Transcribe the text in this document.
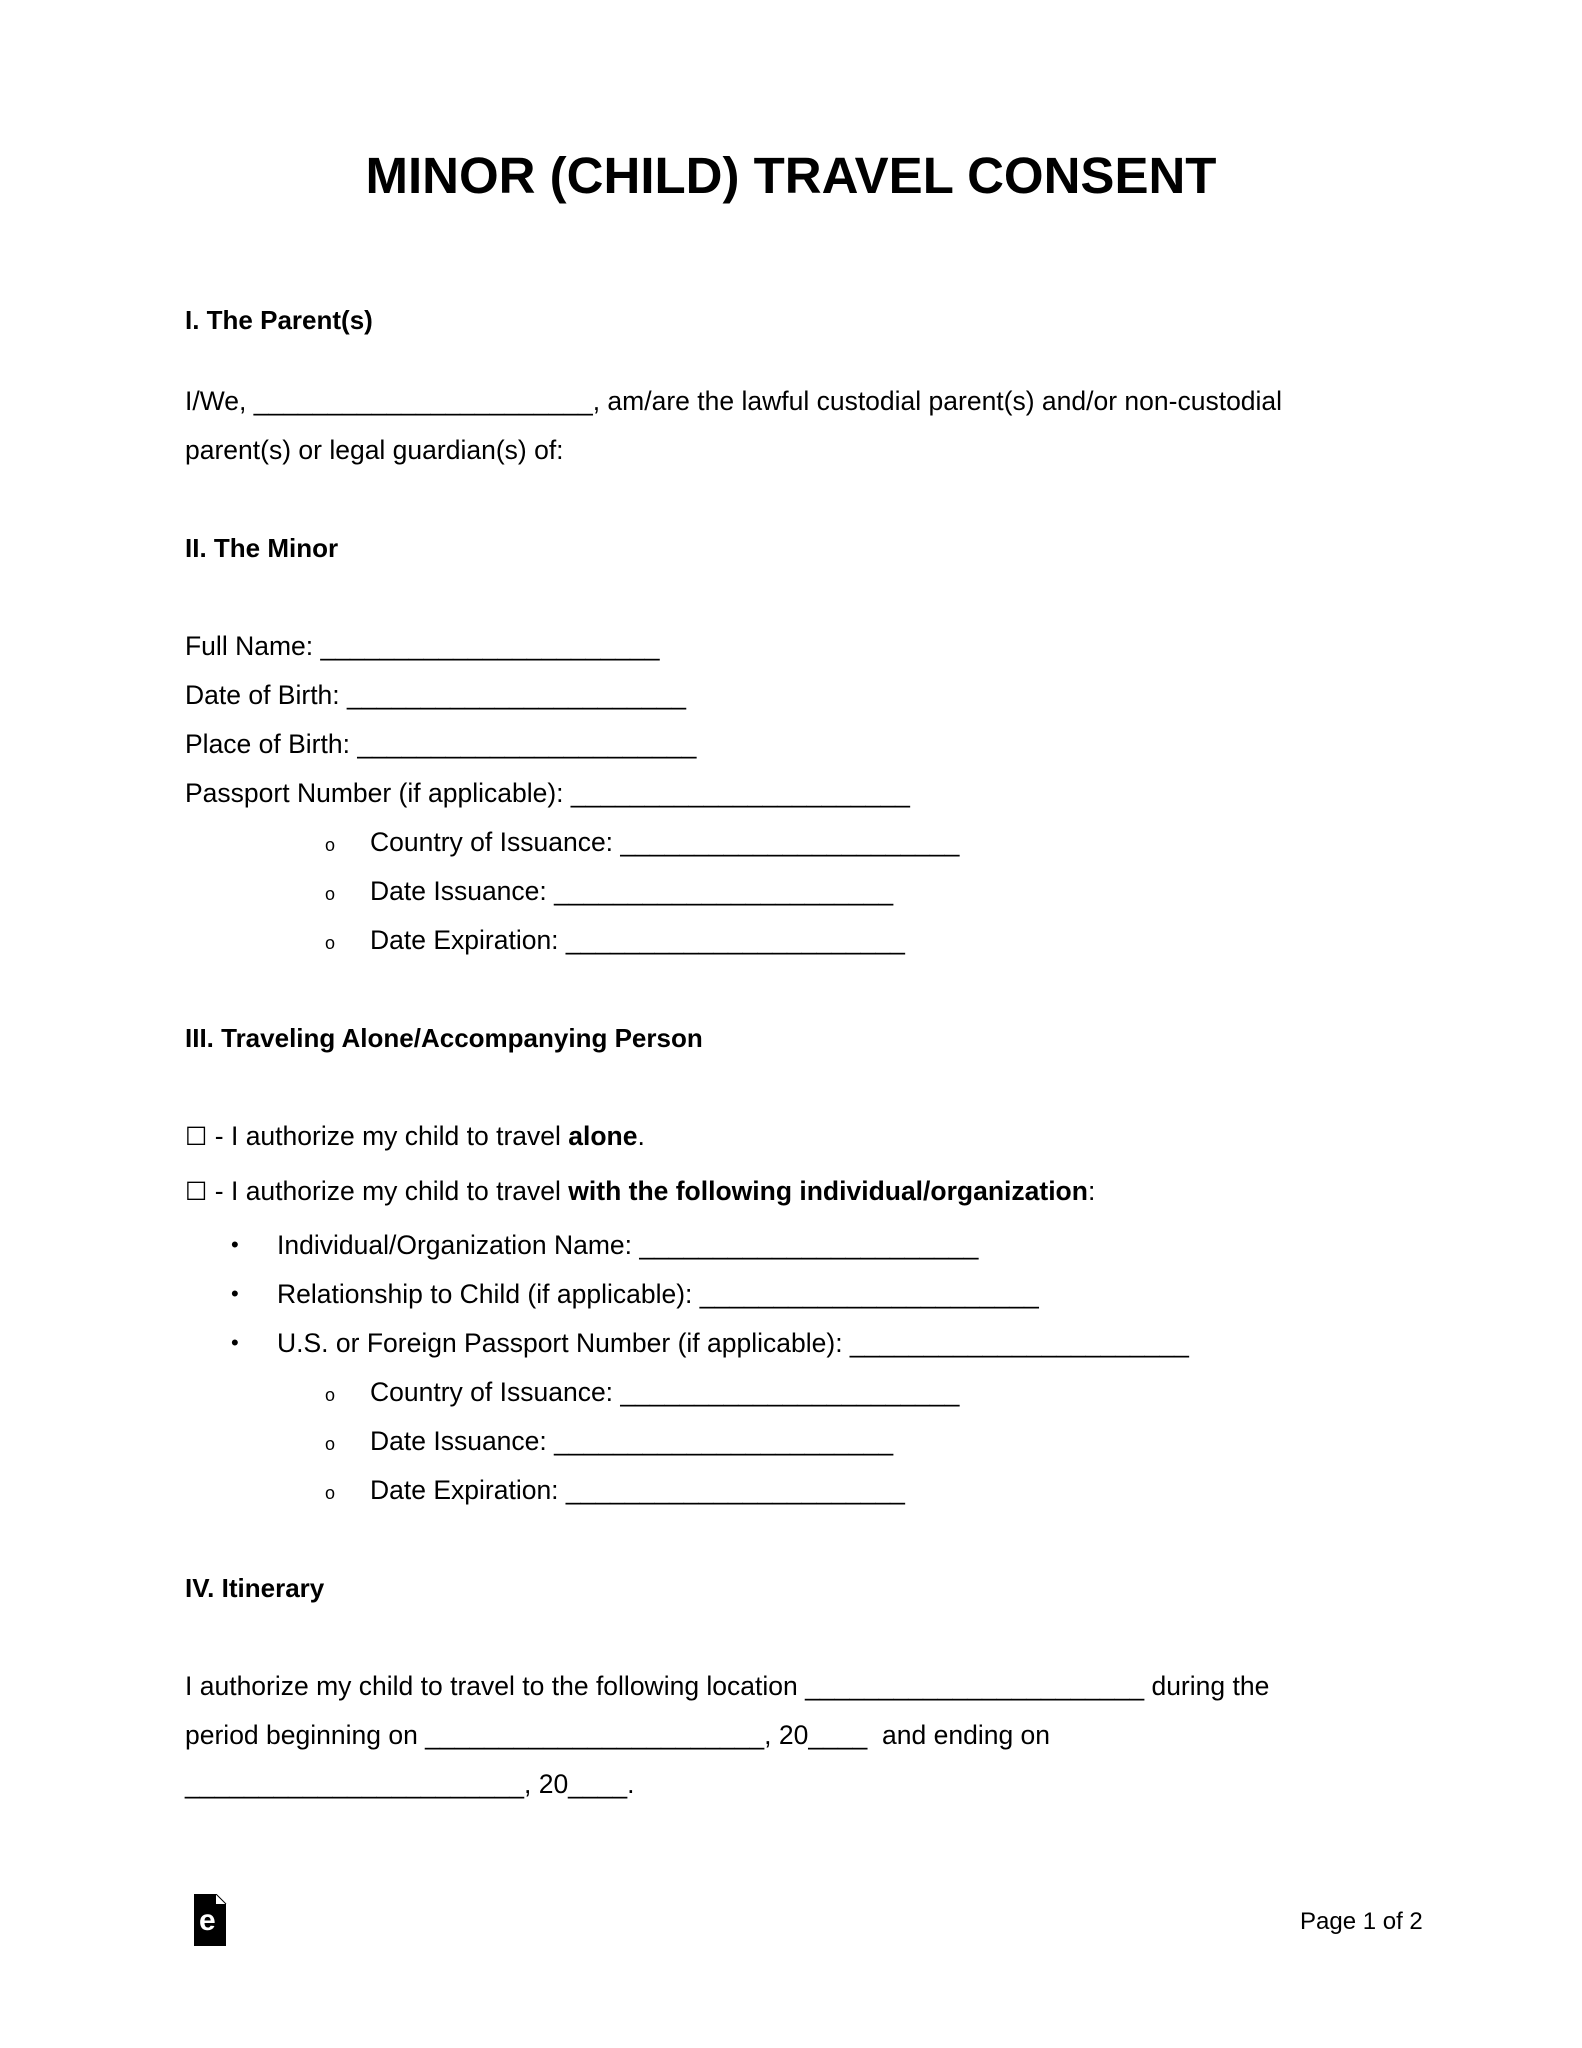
MINOR (CHILD) TRAVEL CONSENT
I. The Parent(s)
I/We, _______________________, am/are the lawful custodial parent(s) and/or non-custodial
parent(s) or legal guardian(s) of:
II. The Minor
Full Name: _______________________
Date of Birth: _______________________
Place of Birth: _______________________
Passport Number (if applicable): _______________________
o Country of Issuance: _______________________
o Date Issuance: _______________________
o Date Expiration: _______________________
III. Traveling Alone/Accompanying Person
☐ - I authorize my child to travel alone.
☐ - I authorize my child to travel with the following individual/organization:
• Individual/Organization Name: _______________________
• Relationship to Child (if applicable): _______________________
• U.S. or Foreign Passport Number (if applicable): _______________________
o Country of Issuance: _______________________
o Date Issuance: _______________________
o Date Expiration: _______________________
IV. Itinerary
I authorize my child to travel to the following location _______________________ during the
period beginning on _______________________, 20____  and ending on
_______________________, 20____.
e	Page 1 of 2
